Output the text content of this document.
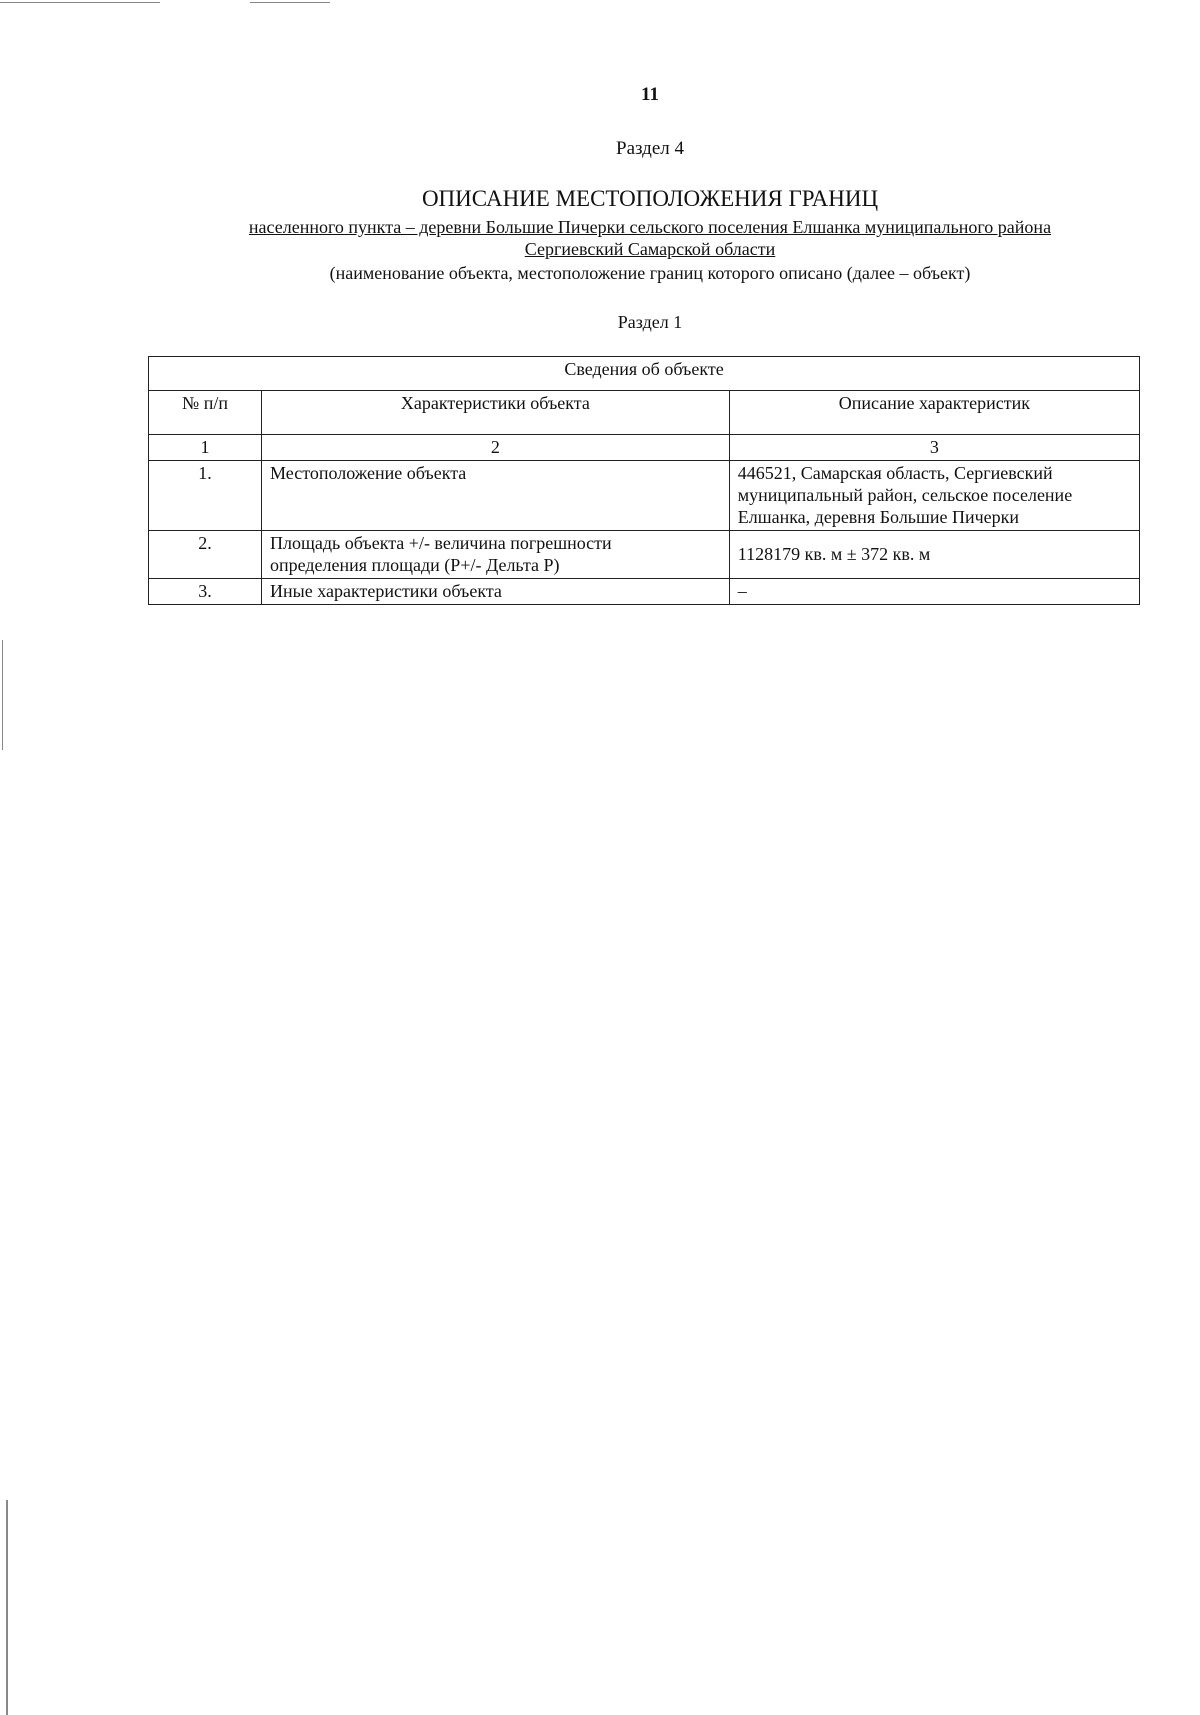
11
Раздел 4
ОПИСАНИЕ МЕСТОПОЛОЖЕНИЯ ГРАНИЦ
населенного пункта – деревни Большие Пичерки сельского поселения Елшанка муниципального района
Сергиевский Самарской области
(наименование объекта, местоположение границ которого описано (далее – объект)
Раздел 1
Сведения об объекте		
№ п/п	Характеристики объекта	Описание характеристик
1	2	3
1.	Местоположение объекта	446521, Самарская область, Сергиевский муниципальный район, сельское поселение Елшанка, деревня Большие Пичерки
2.	Площадь объекта +/- величина погрешности определения площади (P+/- Дельта P)	1128179 кв. м ± 372 кв. м
3.	Иные характеристики объекта	–
